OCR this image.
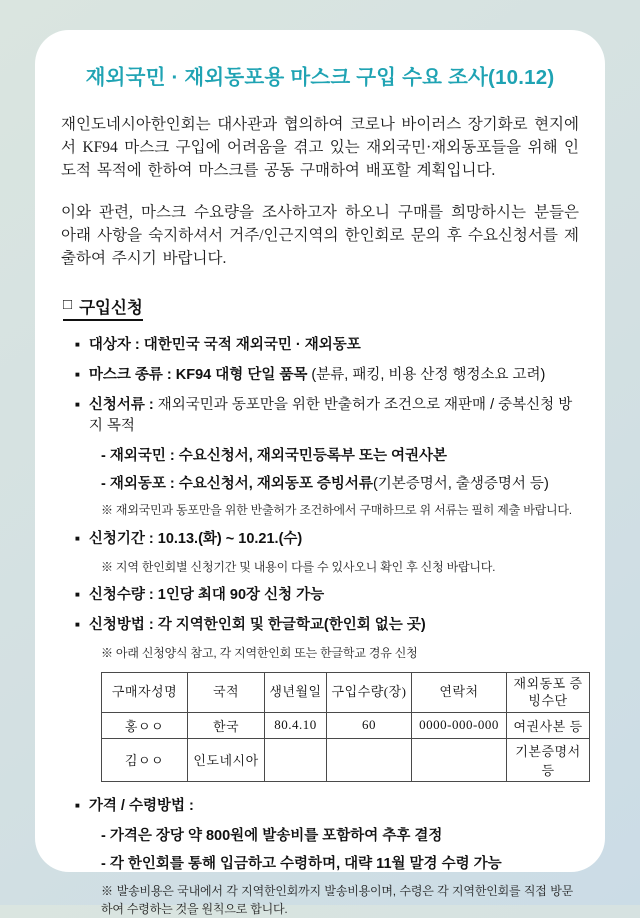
재외국민 · 재외동포용 마스크 구입 수요 조사(10.12)

재인도네시아한인회는 대사관과 협의하여 코로나 바이러스 장기화로 현지에서 KF94 마스크 구입에 어려움을 겪고 있는 재외국민·재외동포들을 위해 인도적 목적에 한하여 마스크를 공동 구매하여 배포할 계획입니다.

이와 관련, 마스크 수요량을 조사하고자 하오니 구매를 희망하시는 분들은 아래 사항을 숙지하셔서 거주/인근지역의 한인회로 문의 후 수요신청서를 제출하여 주시기 바랍니다.

□ 구입신청
■ 대상자 : 대한민국 국적 재외국민 · 재외동포
■ 마스크 종류 : KF94 대형 단일 품목 (분류, 패킹, 비용 산정 행정소요 고려)
■ 신청서류 : 재외국민과 동포만을 위한 반출허가 조건으로 재판매 / 중복신청 방지 목적
- 재외국민 : 수요신청서, 재외국민등록부 또는 여권사본
- 재외동포 : 수요신청서, 재외동포 증빙서류(기본증명서, 출생증명서 등)
※ 재외국민과 동포만을 위한 반출허가 조건하에서 구매하므로 위 서류는 필히 제출 바랍니다.
■ 신청기간 : 10.13.(화) ~ 10.21.(수)
※ 지역 한인회별 신청기간 및 내용이 다를 수 있사오니 확인 후 신청 바랍니다.
■ 신청수량 : 1인당 최대 90장 신청 가능
■ 신청방법 : 각 지역한인회 및 한글학교(한인회 없는 곳)
※ 아래 신청양식 참고, 각 지역한인회 또는 한글학교 경유 신청
구매자성명	국적	생년월일	구입수량(장)	연락처	재외동포 증빙수단
홍ㅇㅇ	한국	80.4.10	60	0000-000-000	여권사본 등
김ㅇㅇ	인도네시아				기본증명서 등
■ 가격 / 수령방법 :
- 가격은 장당 약 800원에 발송비를 포함하여 추후 결정
- 각 한인회를 통해 입금하고 수령하며, 대략 11월 말경 수령 가능
※ 발송비용은 국내에서 각 지역한인회까지 발송비용이며, 수령은 각 지역한인회를 직접 방문하여 수령하는 것을 원칙으로 합니다.
